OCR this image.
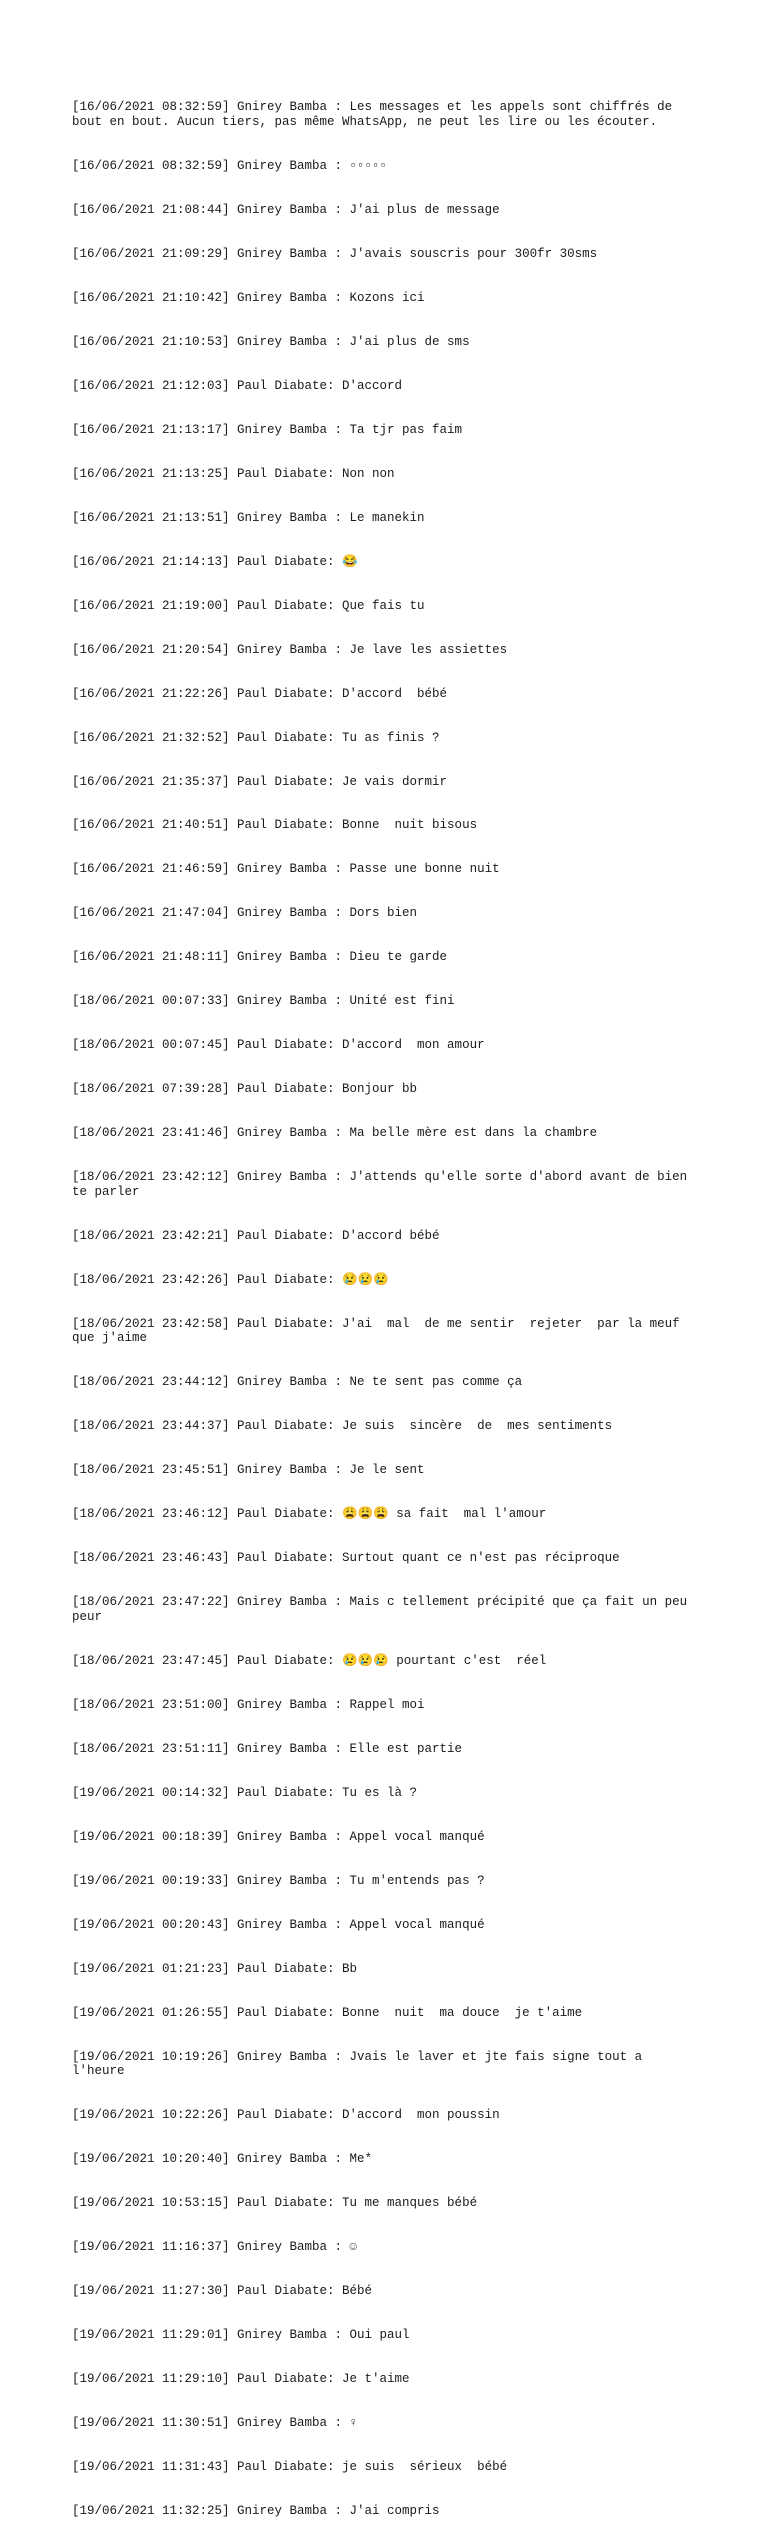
[16/06/2021 08:32:59] Gnirey Bamba : Les messages et les appels sont chiffrés de bout en bout. Aucun tiers, pas même WhatsApp, ne peut les lire ou les écouter.

[16/06/2021 08:32:59] Gnirey Bamba : ▫▫▫▫▫

[16/06/2021 21:08:44] Gnirey Bamba : J'ai plus de message

[16/06/2021 21:09:29] Gnirey Bamba : J'avais souscris pour 300fr 30sms

[16/06/2021 21:10:42] Gnirey Bamba : Kozons ici

[16/06/2021 21:10:53] Gnirey Bamba : J'ai plus de sms

[16/06/2021 21:12:03] Paul Diabate: D'accord

[16/06/2021 21:13:17] Gnirey Bamba : Ta tjr pas faim

[16/06/2021 21:13:25] Paul Diabate: Non non

[16/06/2021 21:13:51] Gnirey Bamba : Le manekin

[16/06/2021 21:14:13] Paul Diabate: 😂

[16/06/2021 21:19:00] Paul Diabate: Que fais tu

[16/06/2021 21:20:54] Gnirey Bamba : Je lave les assiettes

[16/06/2021 21:22:26] Paul Diabate: D'accord  bébé

[16/06/2021 21:32:52] Paul Diabate: Tu as finis ?

[16/06/2021 21:35:37] Paul Diabate: Je vais dormir

[16/06/2021 21:40:51] Paul Diabate: Bonne  nuit bisous

[16/06/2021 21:46:59] Gnirey Bamba : Passe une bonne nuit

[16/06/2021 21:47:04] Gnirey Bamba : Dors bien

[16/06/2021 21:48:11] Gnirey Bamba : Dieu te garde

[18/06/2021 00:07:33] Gnirey Bamba : Unité est fini

[18/06/2021 00:07:45] Paul Diabate: D'accord  mon amour

[18/06/2021 07:39:28] Paul Diabate: Bonjour bb

[18/06/2021 23:41:46] Gnirey Bamba : Ma belle mère est dans la chambre

[18/06/2021 23:42:12] Gnirey Bamba : J'attends qu'elle sorte d'abord avant de bien te parler

[18/06/2021 23:42:21] Paul Diabate: D'accord bébé

[18/06/2021 23:42:26] Paul Diabate: 😢😢😢

[18/06/2021 23:42:58] Paul Diabate: J'ai  mal  de me sentir  rejeter  par la meuf que j'aime

[18/06/2021 23:44:12] Gnirey Bamba : Ne te sent pas comme ça

[18/06/2021 23:44:37] Paul Diabate: Je suis  sincère  de  mes sentiments

[18/06/2021 23:45:51] Gnirey Bamba : Je le sent

[18/06/2021 23:46:12] Paul Diabate: 😩😩😩 sa fait  mal l'amour

[18/06/2021 23:46:43] Paul Diabate: Surtout quant ce n'est pas réciproque

[18/06/2021 23:47:22] Gnirey Bamba : Mais c tellement précipité que ça fait un peu peur

[18/06/2021 23:47:45] Paul Diabate: 😢😢😢 pourtant c'est  réel

[18/06/2021 23:51:00] Gnirey Bamba : Rappel moi

[18/06/2021 23:51:11] Gnirey Bamba : Elle est partie

[19/06/2021 00:14:32] Paul Diabate: Tu es là ?

[19/06/2021 00:18:39] Gnirey Bamba : Appel vocal manqué

[19/06/2021 00:19:33] Gnirey Bamba : Tu m'entends pas ?

[19/06/2021 00:20:43] Gnirey Bamba : Appel vocal manqué

[19/06/2021 01:21:23] Paul Diabate: Bb

[19/06/2021 01:26:55] Paul Diabate: Bonne  nuit  ma douce  je t'aime

[19/06/2021 10:19:26] Gnirey Bamba : Jvais le laver et jte fais signe tout a l'heure

[19/06/2021 10:22:26] Paul Diabate: D'accord  mon poussin

[19/06/2021 10:20:40] Gnirey Bamba : Me*

[19/06/2021 10:53:15] Paul Diabate: Tu me manques bébé

[19/06/2021 11:16:37] Gnirey Bamba : ☺

[19/06/2021 11:27:30] Paul Diabate: Bébé

[19/06/2021 11:29:01] Gnirey Bamba : Oui paul

[19/06/2021 11:29:10] Paul Diabate: Je t'aime

[19/06/2021 11:30:51] Gnirey Bamba : ♀

[19/06/2021 11:31:43] Paul Diabate: je suis  sérieux  bébé

[19/06/2021 11:32:25] Gnirey Bamba : J'ai compris
